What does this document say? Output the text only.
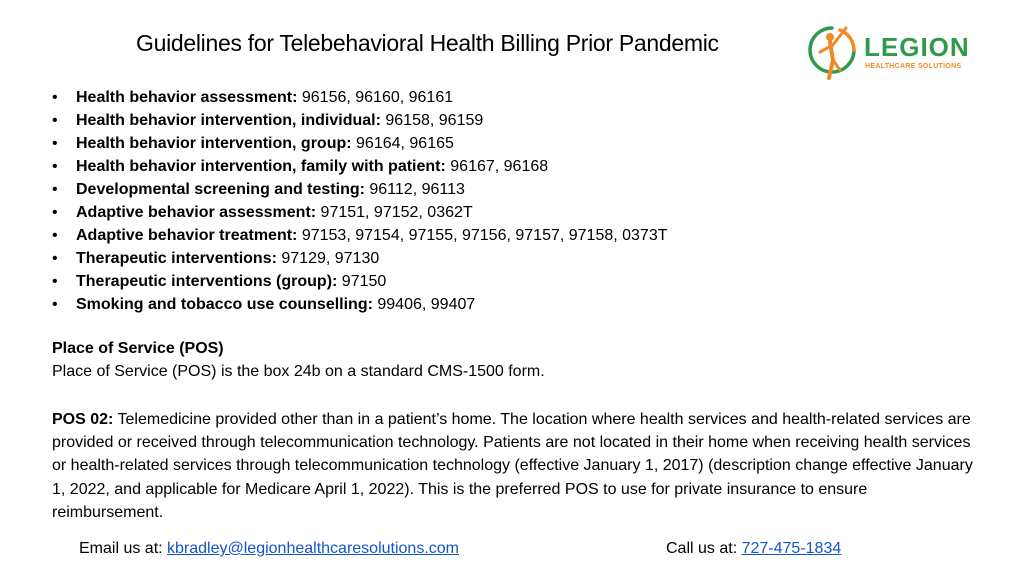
Guidelines for Telebehavioral Health Billing Prior Pandemic	LEGION
HEALTHCARE SOLUTIONS
• Health behavior assessment: 96156, 96160, 96161
• Health behavior intervention, individual: 96158, 96159
• Health behavior intervention, group: 96164, 96165
• Health behavior intervention, family with patient: 96167, 96168
• Developmental screening and testing: 96112, 96113
• Adaptive behavior assessment: 97151, 97152, 0362T
• Adaptive behavior treatment: 97153, 97154, 97155, 97156, 97157, 97158, 0373T
• Therapeutic interventions: 97129, 97130
• Therapeutic interventions (group): 97150
• Smoking and tobacco use counselling: 99406, 99407
Place of Service (POS)
Place of Service (POS) is the box 24b on a standard CMS-1500 form.

POS 02: Telemedicine provided other than in a patient’s home. The location where health services and health-related services are provided or received through telecommunication technology. Patients are not located in their home when receiving health services or health-related services through telecommunication technology (effective January 1, 2017) (description change effective January 1, 2022, and applicable for Medicare April 1, 2022). This is the preferred POS to use for private insurance to ensure reimbursement.

Email us at: kbradley@legionhealthcaresolutions.com	Call us at: 727-475-1834
